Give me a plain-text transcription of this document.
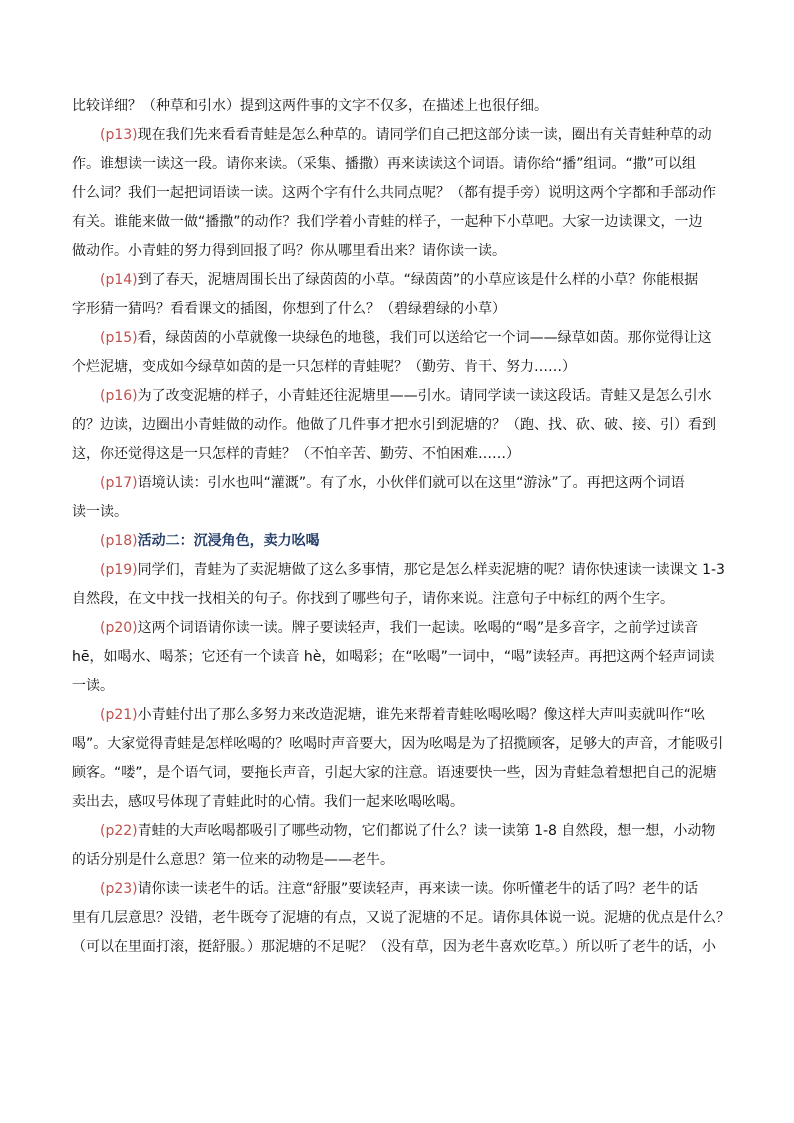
比较详细？（种草和引水）提到这两件事的文字不仅多，在描述上也很仔细。
(p13)现在我们先来看看青蛙是怎么种草的。请同学们自己把这部分读一读，圈出有关青蛙种草的动
作。谁想读一读这一段。请你来读。（采集、播撒）再来读读这个词语。请你给“播”组词。“撒”可以组
什么词？我们一起把词语读一读。这两个字有什么共同点呢？（都有提手旁）说明这两个字都和手部动作
有关。谁能来做一做“播撒”的动作？我们学着小青蛙的样子，一起种下小草吧。大家一边读课文，一边
做动作。小青蛙的努力得到回报了吗？你从哪里看出来？请你读一读。
(p14)到了春天，泥塘周围长出了绿茵茵的小草。“绿茵茵”的小草应该是什么样的小草？你能根据
字形猜一猜吗？看看课文的插图，你想到了什么？（碧绿碧绿的小草）
(p15)看，绿茵茵的小草就像一块绿色的地毯，我们可以送给它一个词——绿草如茵。那你觉得让这
个烂泥塘，变成如今绿草如茵的是一只怎样的青蛙呢？（勤劳、肯干、努力……）
(p16)为了改变泥塘的样子，小青蛙还往泥塘里——引水。请同学读一读这段话。青蛙又是怎么引水
的？边读，边圈出小青蛙做的动作。他做了几件事才把水引到泥塘的？（跑、找、砍、破、接、引）看到
这，你还觉得这是一只怎样的青蛙？（不怕辛苦、勤劳、不怕困难……）
(p17)语境认读：引水也叫“灌溉”。有了水，小伙伴们就可以在这里“游泳”了。再把这两个词语
读一读。
(p18)活动二：沉浸角色，卖力吆喝
(p19)同学们，青蛙为了卖泥塘做了这么多事情，那它是怎么样卖泥塘的呢？请你快速读一读课文 1-3
自然段，在文中找一找相关的句子。你找到了哪些句子，请你来说。注意句子中标红的两个生字。
(p20)这两个词语请你读一读。牌子要读轻声，我们一起读。吆喝的“喝”是多音字，之前学过读音
hē，如喝水、喝茶；它还有一个读音 hè，如喝彩；在“吆喝”一词中，“喝”读轻声。再把这两个轻声词读
一读。
(p21)小青蛙付出了那么多努力来改造泥塘，谁先来帮着青蛙吆喝吆喝？像这样大声叫卖就叫作“吆
喝”。大家觉得青蛙是怎样吆喝的？吆喝时声音要大，因为吆喝是为了招揽顾客，足够大的声音，才能吸引
顾客。“喽”，是个语气词，要拖长声音，引起大家的注意。语速要快一些，因为青蛙急着想把自己的泥塘
卖出去，感叹号体现了青蛙此时的心情。我们一起来吆喝吆喝。
(p22)青蛙的大声吆喝都吸引了哪些动物，它们都说了什么？读一读第 1-8 自然段，想一想，小动物
的话分别是什么意思？第一位来的动物是——老牛。
(p23)请你读一读老牛的话。注意“舒服”要读轻声，再来读一读。你听懂老牛的话了吗？老牛的话
里有几层意思？没错，老牛既夸了泥塘的有点，又说了泥塘的不足。请你具体说一说。泥塘的优点是什么？
（可以在里面打滚，挺舒服。）那泥塘的不足呢？（没有草，因为老牛喜欢吃草。）所以听了老牛的话，小
